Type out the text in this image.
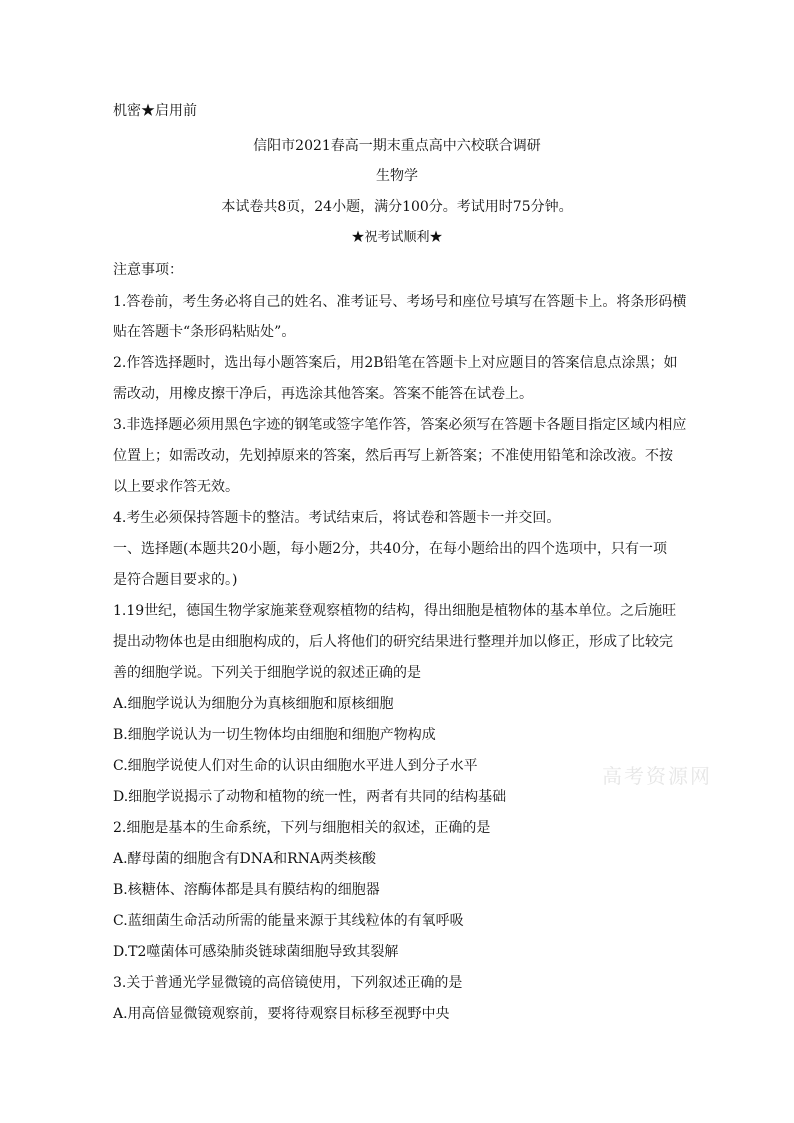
机密★启用前
信阳市2021春高一期末重点高中六校联合调研
生物学
本试卷共8页，24小题，满分100分。考试用时75分钟。
★祝考试顺利★
注意事项：
1.答卷前，考生务必将自己的姓名、准考证号、考场号和座位号填写在答题卡上。将条形码横
贴在答题卡“条形码粘贴处”。
2.作答选择题时，选出每小题答案后，用2B铅笔在答题卡上对应题目的答案信息点涂黑；如
需改动，用橡皮擦干净后，再选涂其他答案。答案不能答在试卷上。
3.非选择题必须用黑色字迹的钢笔或签字笔作答，答案必须写在答题卡各题目指定区域内相应
位置上；如需改动，先划掉原来的答案，然后再写上新答案；不准使用铅笔和涂改液。不按
以上要求作答无效。
4.考生必须保持答题卡的整洁。考试结束后，将试卷和答题卡一并交回。
一、选择题(本题共20小题，每小题2分，共40分，在每小题给出的四个选项中，只有一项
是符合题目要求的。)
1.19世纪，德国生物学家施莱登观察植物的结构，得出细胞是植物体的基本单位。之后施旺
提出动物体也是由细胞构成的，后人将他们的研究结果进行整理并加以修正，形成了比较完
善的细胞学说。下列关于细胞学说的叙述正确的是
A.细胞学说认为细胞分为真核细胞和原核细胞
B.细胞学说认为一切生物体均由细胞和细胞产物构成
C.细胞学说使人们对生命的认识由细胞水平进人到分子水平
D.细胞学说揭示了动物和植物的统一性，两者有共同的结构基础
2.细胞是基本的生命系统，下列与细胞相关的叙述，正确的是
A.酵母菌的细胞含有DNA和RNA两类核酸
B.核糖体、溶酶体都是具有膜结构的细胞器
C.蓝细菌生命活动所需的能量来源于其线粒体的有氧呼吸
D.T2噬菌体可感染肺炎链球菌细胞导致其裂解
3.关于普通光学显微镜的高倍镜使用，下列叙述正确的是
A.用高倍显微镜观察前，要将待观察目标移至视野中央
高考资源网
